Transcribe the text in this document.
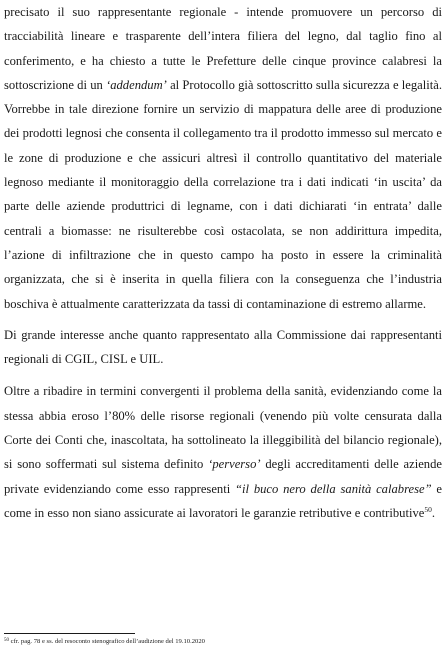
precisato il suo rappresentante regionale - intende promuovere un percorso di tracciabilità lineare e trasparente dell’intera filiera del legno, dal taglio fino al conferimento, e ha chiesto a tutte le Prefetture delle cinque province calabresi la sottoscrizione di un ‘addendum’ al Protocollo già sottoscritto sulla sicurezza e legalità. Vorrebbe in tale direzione fornire un servizio di mappatura delle aree di produzione dei prodotti legnosi che consenta il collegamento tra il prodotto immesso sul mercato e le zone di produzione e che assicuri altresì il controllo quantitativo del materiale legnoso mediante il monitoraggio della correlazione tra i dati indicati ‘in uscita’ da parte delle aziende produttrici di legname, con i dati dichiarati ‘in entrata’ dalle centrali a biomasse: ne risulterebbe così ostacolata, se non addirittura impedita, l’azione di infiltrazione che in questo campo ha posto in essere la criminalità organizzata, che si è inserita in quella filiera con la conseguenza che l’industria boschiva è attualmente caratterizzata da tassi di contaminazione di estremo allarme.

Di grande interesse anche quanto rappresentato alla Commissione dai rappresentanti regionali di CGIL, CISL e UIL.

Oltre a ribadire in termini convergenti il problema della sanità, evidenziando come la stessa abbia eroso l’80% delle risorse regionali (venendo più volte censurata dalla Corte dei Conti che, inascoltata, ha sottolineato la illeggibilità del bilancio regionale), si sono soffermati sul sistema definito ‘perverso’ degli accreditamenti delle aziende private evidenziando come esso rappresenti “il buco nero della sanità calabrese” e come in esso non siano assicurate ai lavoratori le garanzie retributive e contributive$^{50}$.

$^{50}$ cfr. pag. 78 e ss. del resoconto stenografico dell’audizione del 19.10.2020
